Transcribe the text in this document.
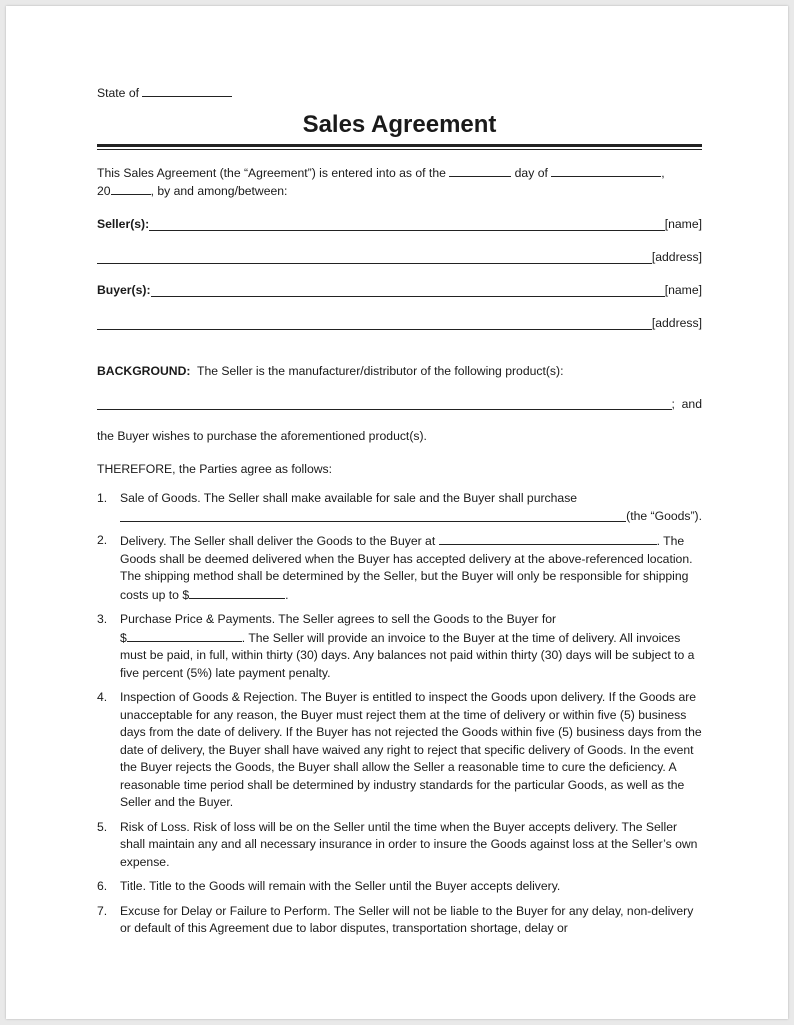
State of
Sales Agreement
This Sales Agreement (the “Agreement”) is entered into as of the	day of	,
20	, by and among/between:
Seller(s):	[name]
[address]
Buyer(s):	[name]
[address]
BACKGROUND: The Seller is the manufacturer/distributor of the following product(s):
;  and
the Buyer wishes to purchase the aforementioned product(s).
THEREFORE, the Parties agree as follows:
1.	Sale of Goods. The Seller shall make available for sale and the Buyer shall purchase
(the “Goods”).
2.	Delivery. The Seller shall deliver the Goods to the Buyer at	. The Goods shall be deemed delivered when the Buyer has accepted delivery at the above-referenced location. The shipping method shall be determined by the Seller, but the Buyer will only be responsible for shipping costs up to $	.
3.	Purchase Price & Payments. The Seller agrees to sell the Goods to the Buyer for
$	. The Seller will provide an invoice to the Buyer at the time of delivery. All invoices must be paid, in full, within thirty (30) days. Any balances not paid within thirty (30) days will be subject to a five percent (5%) late payment penalty.
4.	Inspection of Goods & Rejection. The Buyer is entitled to inspect the Goods upon delivery. If the Goods are unacceptable for any reason, the Buyer must reject them at the time of delivery or within five (5) business days from the date of delivery. If the Buyer has not rejected the Goods within five (5) business days from the date of delivery, the Buyer shall have waived any right to reject that specific delivery of Goods. In the event the Buyer rejects the Goods, the Buyer shall allow the Seller a reasonable time to cure the deficiency. A reasonable time period shall be determined by industry standards for the particular Goods, as well as the Seller and the Buyer.
5.	Risk of Loss. Risk of loss will be on the Seller until the time when the Buyer accepts delivery. The Seller shall maintain any and all necessary insurance in order to insure the Goods against loss at the Seller’s own expense.
6.	Title. Title to the Goods will remain with the Seller until the Buyer accepts delivery.
7.	Excuse for Delay or Failure to Perform. The Seller will not be liable to the Buyer for any delay, non-delivery or default of this Agreement due to labor disputes, transportation shortage, delay or
